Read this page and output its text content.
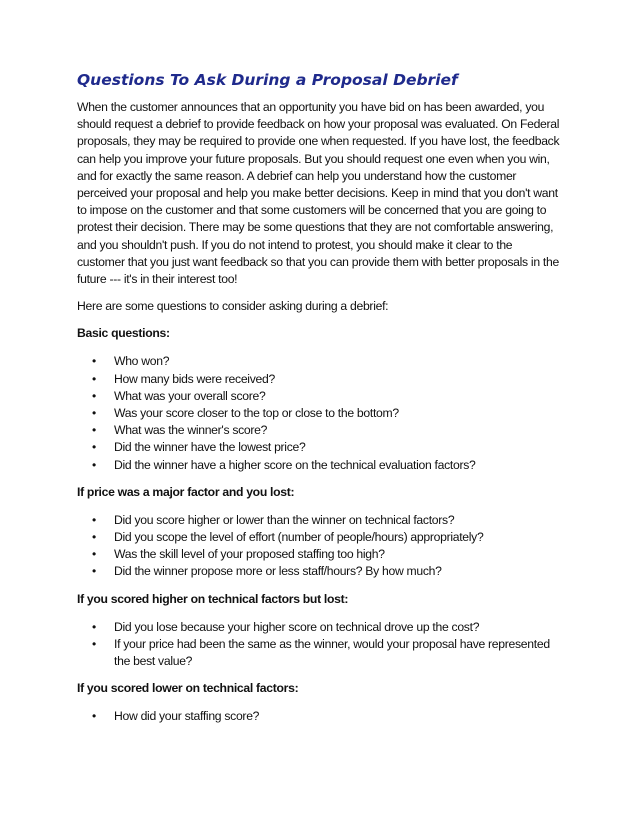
Questions To Ask During a Proposal Debrief

When the customer announces that an opportunity you have bid on has been awarded, you
should request a debrief to provide feedback on how your proposal was evaluated. On Federal
proposals, they may be required to provide one when requested. If you have lost, the feedback
can help you improve your future proposals. But you should request one even when you win,
and for exactly the same reason. A debrief can help you understand how the customer
perceived your proposal and help you make better decisions. Keep in mind that you don't want
to impose on the customer and that some customers will be concerned that you are going to
protest their decision. There may be some questions that they are not comfortable answering,
and you shouldn't push. If you do not intend to protest, you should make it clear to the
customer that you just want feedback so that you can provide them with better proposals in the
future --- it's in their interest too!

Here are some questions to consider asking during a debrief:

Basic questions:
• Who won?
• How many bids were received?
• What was your overall score?
• Was your score closer to the top or close to the bottom?
• What was the winner's score?
• Did the winner have the lowest price?
• Did the winner have a higher score on the technical evaluation factors?
If price was a major factor and you lost:
• Did you score higher or lower than the winner on technical factors?
• Did you scope the level of effort (number of people/hours) appropriately?
• Was the skill level of your proposed staffing too high?
• Did the winner propose more or less staff/hours? By how much?
If you scored higher on technical factors but lost:
• Did you lose because your higher score on technical drove up the cost?
• If your price had been the same as the winner, would your proposal have represented
the best value?
If you scored lower on technical factors:
• How did your staffing score?
